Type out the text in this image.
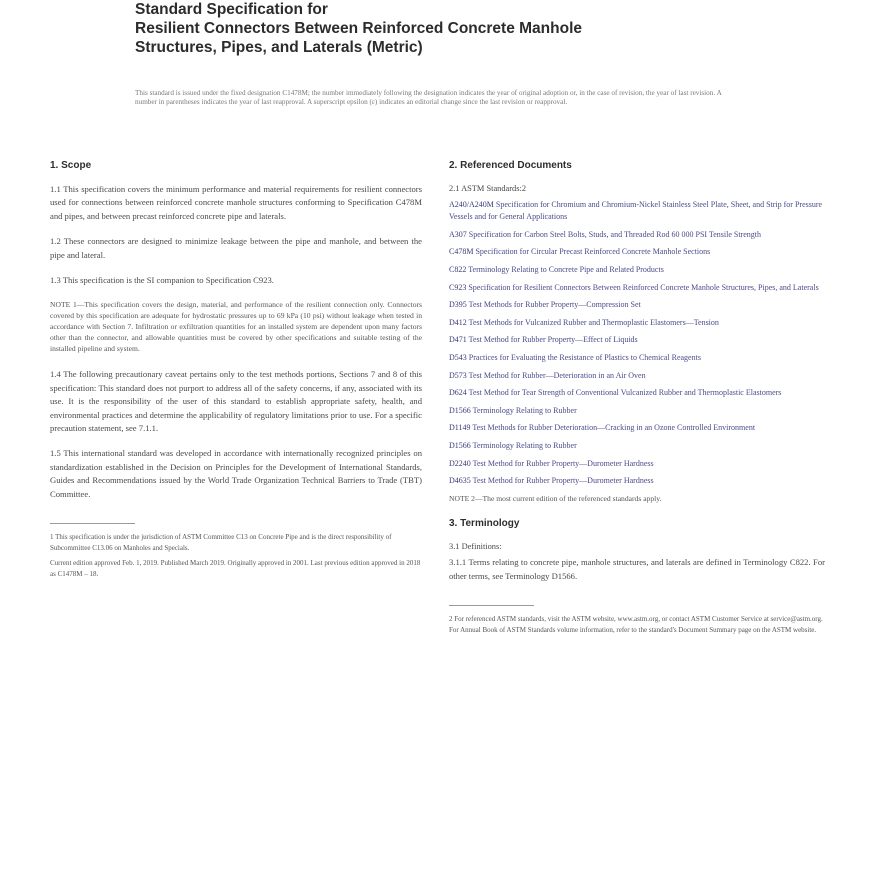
Standard Specification for
Resilient Connectors Between Reinforced Concrete Manhole
Structures, Pipes, and Laterals (Metric)

This standard is issued under the fixed designation C1478M; the number immediately following the designation indicates the year of original adoption or, in the case of revision, the year of last revision. A number in parentheses indicates the year of last reapproval. A superscript epsilon (ε) indicates an editorial change since the last revision or reapproval.

1. Scope

1.1 This specification covers the minimum performance and material requirements for resilient connectors used for connections between reinforced concrete manhole structures conforming to Specification C478M and pipes, and between precast reinforced concrete pipe and laterals.

1.2 These connectors are designed to minimize leakage between the pipe and manhole, and between the pipe and lateral.

1.3 This specification is the SI companion to Specification C923.

NOTE 1—This specification covers the design, material, and performance of the resilient connection only. Connectors covered by this specification are adequate for hydrostatic pressures up to 69 kPa (10 psi) without leakage when tested in accordance with Section 7. Infiltration or exfiltration quantities for an installed system are dependent upon many factors other than the connector, and allowable quantities must be covered by other specifications and suitable testing of the installed pipeline and system.

1.4 The following precautionary caveat pertains only to the test methods portions, Sections 7 and 8 of this specification: This standard does not purport to address all of the safety concerns, if any, associated with its use. It is the responsibility of the user of this standard to establish appropriate safety, health, and environmental practices and determine the applicability of regulatory limitations prior to use. For a specific precaution statement, see 7.1.1.

1.5 This international standard was developed in accordance with internationally recognized principles on standardization established in the Decision on Principles for the Development of International Standards, Guides and Recommendations issued by the World Trade Organization Technical Barriers to Trade (TBT) Committee.

1 This specification is under the jurisdiction of ASTM Committee C13 on Concrete Pipe and is the direct responsibility of Subcommittee C13.06 on Manholes and Specials.

Current edition approved Feb. 1, 2019. Published March 2019. Originally approved in 2001. Last previous edition approved in 2018 as C1478M – 18.

2. Referenced Documents

2.1 ASTM Standards:2

A240/A240M Specification for Chromium and Chromium-Nickel Stainless Steel Plate, Sheet, and Strip for Pressure Vessels and for General Applications

A307 Specification for Carbon Steel Bolts, Studs, and Threaded Rod 60 000 PSI Tensile Strength

C478M Specification for Circular Precast Reinforced Concrete Manhole Sections

C822 Terminology Relating to Concrete Pipe and Related Products

C923 Specification for Resilient Connectors Between Reinforced Concrete Manhole Structures, Pipes, and Laterals

D395 Test Methods for Rubber Property—Compression Set

D412 Test Methods for Vulcanized Rubber and Thermoplastic Elastomers—Tension

D471 Test Method for Rubber Property—Effect of Liquids

D543 Practices for Evaluating the Resistance of Plastics to Chemical Reagents

D573 Test Method for Rubber—Deterioration in an Air Oven

D624 Test Method for Tear Strength of Conventional Vulcanized Rubber and Thermoplastic Elastomers

D1566 Terminology Relating to Rubber

D1149 Test Methods for Rubber Deterioration—Cracking in an Ozone Controlled Environment

D1566 Terminology Relating to Rubber

D2240 Test Method for Rubber Property—Durometer Hardness

D4635 Test Method for Rubber Property—Durometer Hardness

NOTE 2—The most current edition of the referenced standards apply.

3. Terminology

3.1 Definitions:

3.1.1 Terms relating to concrete pipe, manhole structures, and laterals are defined in Terminology C822. For other terms, see Terminology D1566.

2 For referenced ASTM standards, visit the ASTM website, www.astm.org, or contact ASTM Customer Service at service@astm.org. For Annual Book of ASTM Standards volume information, refer to the standard's Document Summary page on the ASTM website.
